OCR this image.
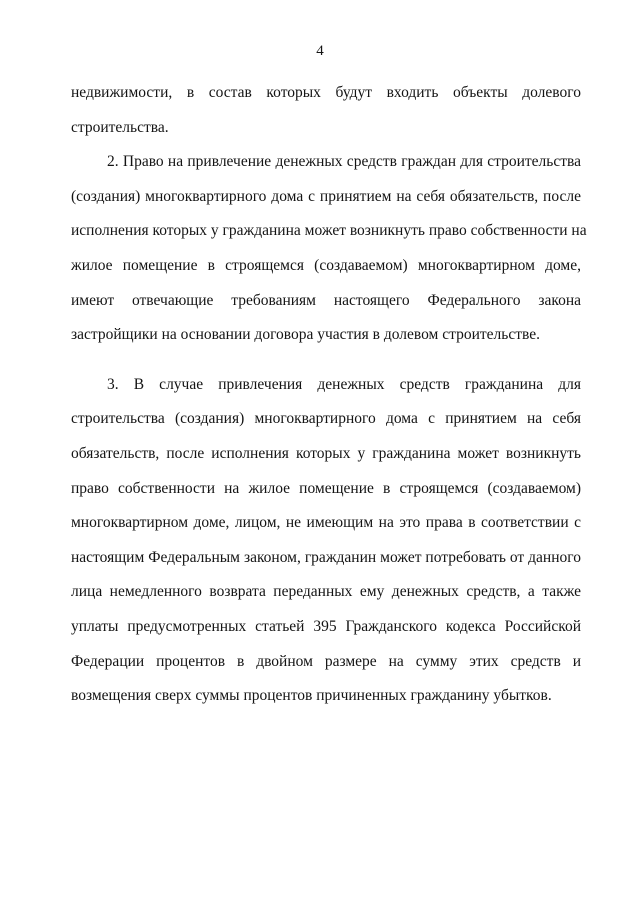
4
недвижимости, в состав которых будут входить объекты долевого
строительства.
2. Право на привлечение денежных средств граждан для строительства
(создания) многоквартирного дома с принятием на себя обязательств, после
исполнения которых у гражданина может возникнуть право собственности на
жилое помещение в строящемся (создаваемом) многоквартирном доме,
имеют отвечающие требованиям настоящего Федерального закона
застройщики на основании договора участия в долевом строительстве.
3. В случае привлечения денежных средств гражданина для
строительства (создания) многоквартирного дома с принятием на себя
обязательств, после исполнения которых у гражданина может возникнуть
право собственности на жилое помещение в строящемся (создаваемом)
многоквартирном доме, лицом, не имеющим на это права в соответствии с
настоящим Федеральным законом, гражданин может потребовать от данного
лица немедленного возврата переданных ему денежных средств, а также
уплаты предусмотренных статьей 395 Гражданского кодекса Российской
Федерации процентов в двойном размере на сумму этих средств и
возмещения сверх суммы процентов причиненных гражданину убытков.
